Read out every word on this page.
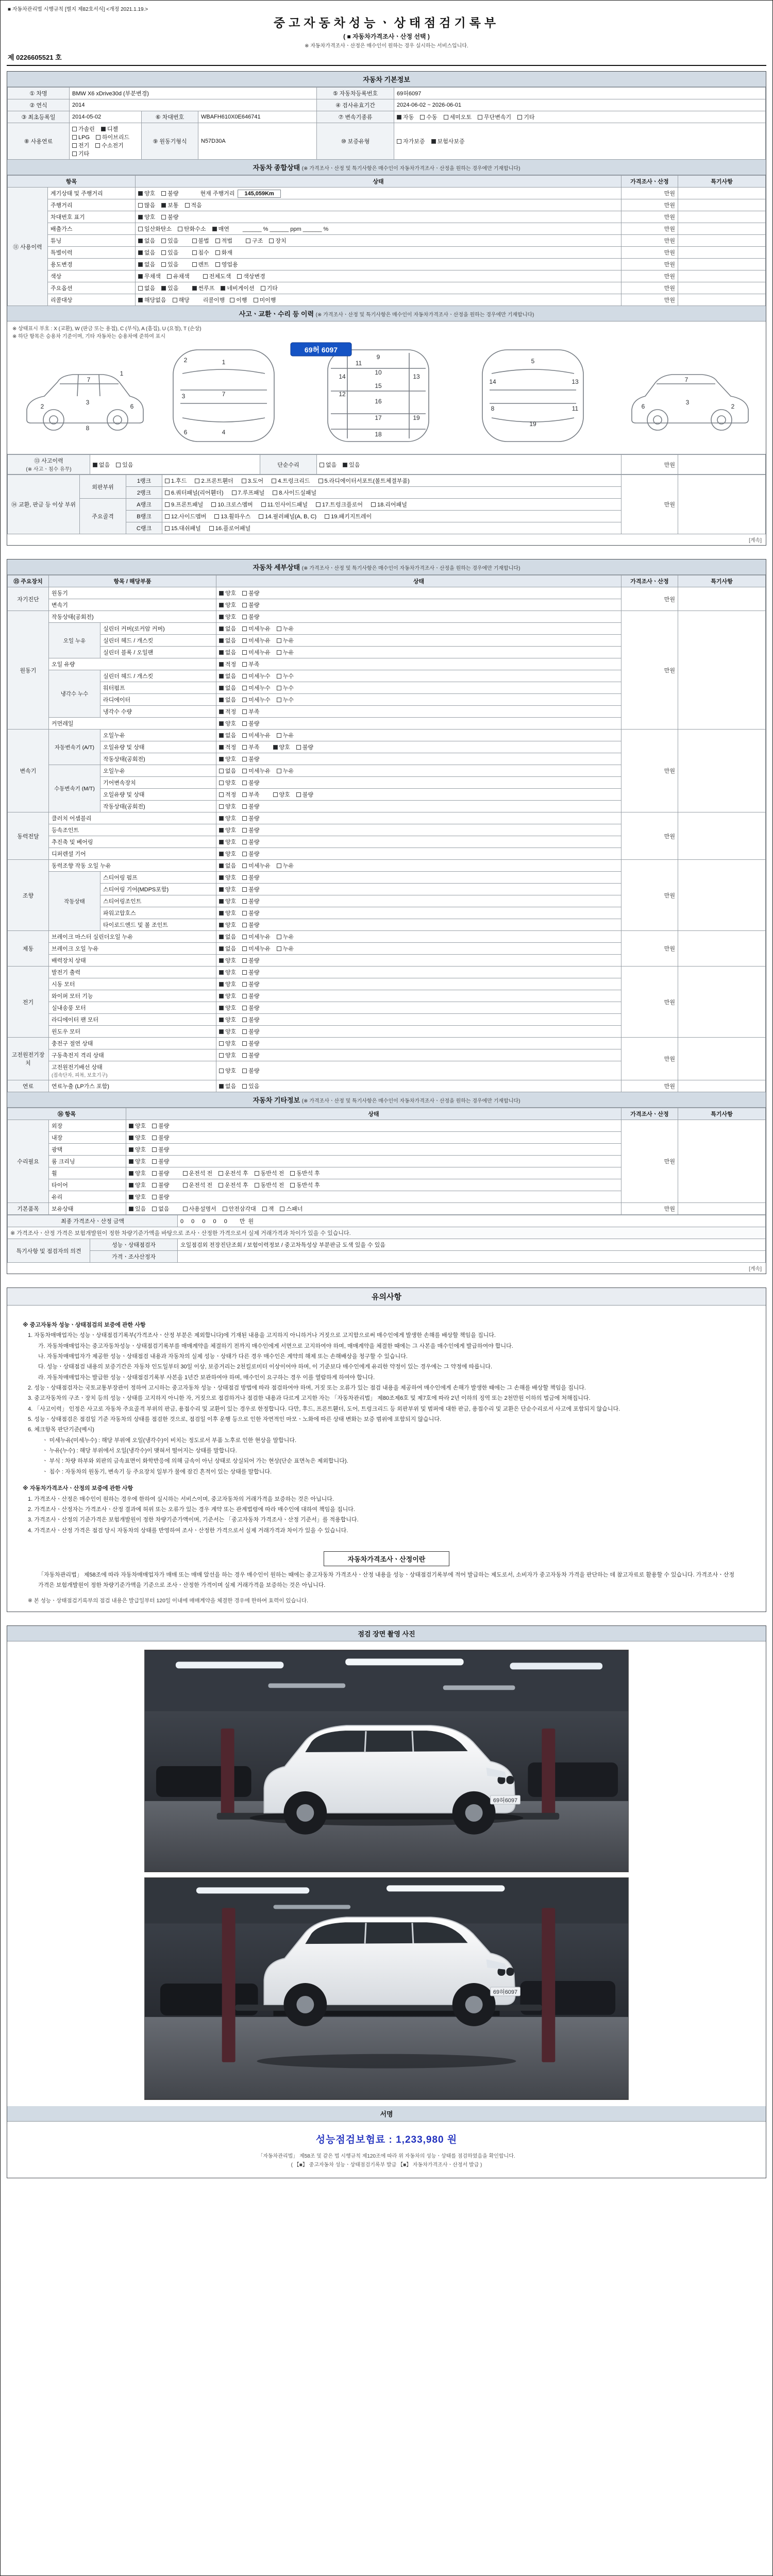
■ 자동차관리법 시행규칙 [별지 제82호서식] <개정 2021.1.19.>
중고자동차성능ㆍ상태점검기록부
( ■ 자동차가격조사ㆍ산정 선택 )
※ 자동차가격조사ㆍ산정은 매수인이 원하는 경우 실시하는 서비스입니다.
제 0226605521 호
자동차 기본정보
① 차명	BMW X6 xDrive30d (부분변경)			⑤ 자동차등록번호	69허6097
② 연식	2014			④ 검사유효기간	2024-06-02 ~ 2026-06-01
③ 최초등록일	2014-05-02	⑥ 차대번호	WBAFH610X0E646741	⑦ 변속기종류	자동 수동 세미오토 무단변속기 기타
⑧ 사용연료	가솔린 디젤LPG 하이브리드전기 수소전기기타	⑨ 원동기형식	N57D30A	⑩ 보증유형	자가보증 보험사보증
자동차 종합상태 (※ 가격조사ㆍ산정 및 특기사항은 매수인이 자동차가격조사ㆍ산정을 원하는 경우에만 기재합니다)
항목		상태	가격조사ㆍ산정	특기사항
⑪ 사용이력	계기상태 및 주행거리	양호 불량 현재 주행거리 145,059Km	만원	
	주행거리	많음 보통 적음	만원	
	차대번호 표기	양호 불량	만원	
	배출가스	일산화탄소 탄화수소 매연 ______ % ______ ppm ______ %	만원	
	튜닝	없음 있음 불법 적법 구조 장치	만원	
	특별이력	없음 있음 침수 화재	만원	
	용도변경	없음 있음 렌트 영업용	만원	
	색상	무채색 유채색 전체도색 색상변경	만원	
	주요옵션	없음 있음 썬루프 네비게이션 기타	만원	
	리콜대상	해당없음 해당 리콜이행 이행 미이행	만원	
사고ㆍ교환ㆍ수리 등 이력 (※ 가격조사ㆍ산정 및 특기사항은 매수인이 자동차가격조사ㆍ산정을 원하는 경우에만 기재합니다)
※ 상태표시 부호 : X (교환), W (판금 또는 용접), C (부식), A (흠집), U (요철), T (손상)
※ 하단 항목은 승용차 기준이며, 기타 자동차는 승용차에 준하여 표시
1
2
3
6
7
8
1
7
4
2
3
6
9
10
11
12
13
14
15
16
17
18
19
5
14	13
8	11
19
2
3
6
7
69허 6097
⑬ 사고이력
(※ 사고ㆍ침수 유무)
	없음 있음	단순수리	없음 있음	만원	
⑭ 교환, 판금 등 이상 부위	외판부위	1랭크	1.후드 2.프론트휀더 3.도어 4.트렁크리드 5.라디에이터서포트(볼트체결부품)	만원	
		2랭크	6.쿼터패널(리어휀더) 7.루프패널 8.사이드실패널		
	주요골격	A랭크	9.프론트패널 10.크로스멤버 11.인사이드패널 17.트렁크플로어 18.리어패널		
		B랭크	12.사이드멤버 13.휠하우스 14.필러패널(A, B, C) 19.패키지트레이		
		C랭크	15.대쉬패널 16.플로어패널		
[계속]
자동차 세부상태 (※ 가격조사ㆍ산정 및 특기사항은 매수인이 자동차가격조사ㆍ산정을 원하는 경우에만 기재합니다)
⑮ 주요장치	항목 / 해당부품		상태	가격조사ㆍ산정	특기사항
자기진단	원동기		양호 불량	만원	
	변속기		양호 불량		
원동기	작동상태(공회전)		양호 불량	만원	
	오일 누유	실린더 커버(로커암 커버)	없음 미세누유 누유		
		실린더 헤드 / 개스킷	없음 미세누유 누유		
		실린더 블록 / 오일팬	없음 미세누유 누유		
	오일 유량		적정 부족		
	냉각수 누수	실린더 헤드 / 개스킷	없음 미세누수 누수		
		워터펌프	없음 미세누수 누수		
		라디에이터	없음 미세누수 누수		
		냉각수 수량	적정 부족		
	커먼레일		양호 불량		
변속기	자동변속기 (A/T)	오일누유	없음 미세누유 누유	만원	
		오일유량 및 상태	적정 부족 양호 불량		
		작동상태(공회전)	양호 불량		
	수동변속기 (M/T)	오일누유	없음 미세누유 누유		
		기어변속장치	양호 불량		
		오일유량 및 상태	적정 부족 양호 불량		
		작동상태(공회전)	양호 불량		
동력전달	클러치 어셈블리		양호 불량	만원	
	등속조인트		양호 불량		
	추진축 및 베어링		양호 불량		
	디퍼렌셜 기어		양호 불량		
조향	동력조향 작동 오일 누유		없음 미세누유 누유	만원	
	작동상태	스티어링 펌프	양호 불량		
		스티어링 기어(MDPS포함)	양호 불량		
		스티어링조인트	양호 불량		
		파워고압호스	양호 불량		
		타이로드엔드 및 볼 조인트	양호 불량		
제동	브레이크 마스터 실린더오일 누유		없음 미세누유 누유	만원	
	브레이크 오일 누유		없음 미세누유 누유		
	배력장치 상태		양호 불량		
전기	발전기 출력		양호 불량	만원	
	시동 모터		양호 불량		
	와이퍼 모터 기능		양호 불량		
	실내송풍 모터		양호 불량		
	라디에이터 팬 모터		양호 불량		
	윈도우 모터		양호 불량		
고전원전기장치	충전구 절연 상태		양호 불량	만원	
	구동축전지 격리 상태		양호 불량		
	고전원전기배선 상태
(접속단자, 피복, 보호기구)		양호 불량		
연료	연료누출 (LP가스 포함)		없음 있음	만원	
자동차 기타정보 (※ 가격조사ㆍ산정 및 특기사항은 매수인이 자동차가격조사ㆍ산정을 원하는 경우에만 기재합니다)
⑯ 항목		상태	가격조사ㆍ산정	특기사항
수리필요	외장	양호 불량	만원	
	내장	양호 불량		
	광택	양호 불량		
	룸 크리닝	양호 불량		
	휠	양호 불량 운전석 전 운전석 후 동반석 전 동반석 후		
	타이어	양호 불량 운전석 전 운전석 후 동반석 전 동반석 후		
	유리	양호 불량		
기본품목	보유상태	있음 없음 사용설명서 안전삼각대 잭 스패너	만원	
최종 가격조사ㆍ산정 금액		0 0 0 0 0  만원
※ 가격조사ㆍ산정 가격은 보험개발원이 정한 차량기준가액을 바탕으로 조사ㆍ산정한 가격으로서 실제 거래가격과 차이가 있을 수 있습니다.		
특기사항 및 점검자의 의견	성능ㆍ상태점검자	오일점검외 전장진단조회 / 보험이력정보 / 중고차특성상 부분판금 도색 있을 수 있음
	가격ㆍ조사산정자	
[계속]
유의사항

※ 중고자동차 성능ㆍ상태점검의 보증에 관한 사항

1. 자동차매매업자는 성능ㆍ상태점검기록부(가격조사ㆍ산정 부분은 제외합니다)에 기재된 내용을 고지하지 아니하거나 거짓으로 고지함으로써 매수인에게 발생한 손해를 배상할 책임을 집니다.

가. 자동차매매업자는 중고자동차성능ㆍ상태점검기록부를 매매계약을 체결하기 전까지 매수인에게 서면으로 고지하여야 하며, 매매계약을 체결한 때에는 그 사본을 매수인에게 발급하여야 합니다.

나. 자동차매매업자가 제공한 성능ㆍ상태점검 내용과 자동차의 실제 성능ㆍ상태가 다른 경우 매수인은 계약의 해제 또는 손해배상을 청구할 수 있습니다.

다. 성능ㆍ상태점검 내용의 보증기간은 자동차 인도일부터 30일 이상, 보증거리는 2천킬로미터 이상이어야 하며, 이 기준보다 매수인에게 유리한 약정이 있는 경우에는 그 약정에 따릅니다.

라. 자동차매매업자는 발급한 성능ㆍ상태점검기록부 사본을 1년간 보관하여야 하며, 매수인이 요구하는 경우 이를 열람하게 하여야 합니다.

2. 성능ㆍ상태점검자는 국토교통부장관이 정하여 고시하는 중고자동차 성능ㆍ상태점검 방법에 따라 점검하여야 하며, 거짓 또는 오류가 있는 점검 내용을 제공하여 매수인에게 손해가 발생한 때에는 그 손해를 배상할 책임을 집니다.

3. 중고자동차의 구조ㆍ장치 등의 성능ㆍ상태를 고지하지 아니한 자, 거짓으로 점검하거나 점검한 내용과 다르게 고지한 자는 「자동차관리법」 제80조제6호 및 제7호에 따라 2년 이하의 징역 또는 2천만원 이하의 벌금에 처해집니다.

4. 「사고이력」 인정은 사고로 자동차 주요골격 부위의 판금, 용접수리 및 교환이 있는 경우로 한정합니다. 다만, 후드, 프론트휀더, 도어, 트렁크리드 등 외판부위 및 범퍼에 대한 판금, 용접수리 및 교환은 단순수리로서 사고에 포함되지 않습니다.

5. 성능ㆍ상태점검은 점검일 기준 자동차의 상태를 점검한 것으로, 점검일 이후 운행 등으로 인한 자연적인 마모ㆍ노화에 따른 상태 변화는 보증 범위에 포함되지 않습니다.

6. 체크항목 판단기준(예시)

ㆍ 미세누유(미세누수) : 해당 부위에 오일(냉각수)이 비치는 정도로서 부품 노후로 인한 현상을 말합니다.

ㆍ 누유(누수) : 해당 부위에서 오일(냉각수)이 맺혀서 떨어지는 상태를 말합니다.

ㆍ 부식 : 차량 하부와 외판의 금속표면이 화학반응에 의해 금속이 아닌 상태로 상실되어 가는 현상(단순 표면녹은 제외합니다).

ㆍ 침수 : 자동차의 원동기, 변속기 등 주요장치 일부가 물에 잠긴 흔적이 있는 상태를 말합니다.

※ 자동차가격조사ㆍ산정의 보증에 관한 사항

1. 가격조사ㆍ산정은 매수인이 원하는 경우에 한하여 실시하는 서비스이며, 중고자동차의 거래가격을 보증하는 것은 아닙니다.

2. 가격조사ㆍ산정자는 가격조사ㆍ산정 결과에 허위 또는 오류가 있는 경우 계약 또는 관계법령에 따라 매수인에 대하여 책임을 집니다.

3. 가격조사ㆍ산정의 기준가격은 보험개발원이 정한 차량기준가액이며, 기준서는 「중고자동차 가격조사ㆍ산정 기준서」를 적용합니다.

4. 가격조사ㆍ산정 가격은 점검 당시 자동차의 상태를 반영하여 조사ㆍ산정한 가격으로서 실제 거래가격과 차이가 있을 수 있습니다.

자동차가격조사ㆍ산정이란

「자동차관리법」 제58조에 따라 자동차매매업자가 매매 또는 매매 알선을 하는 경우 매수인이 원하는 때에는 중고자동차 가격조사ㆍ산정 내용을 성능ㆍ상태점검기록부에 적어 발급하는 제도로서, 소비자가 중고자동차 가격을 판단하는 데 참고자료로 활용할 수 있습니다. 가격조사ㆍ산정 가격은 보험개발원이 정한 차량기준가액을 기준으로 조사ㆍ산정한 가격이며 실제 거래가격을 보증하는 것은 아닙니다.

※ 본 성능ㆍ상태점검기록부의 점검 내용은 발급일부터 120일 이내에 매매계약을 체결한 경우에 한하여 효력이 있습니다.

점검 장면 촬영 사진
69허6097
69허6097
서명
성능점검보험료 : 1,233,980 원
「자동차관리법」 제58조 및 같은 법 시행규칙 제120조에 따라 위 자동차의 성능ㆍ상태를 점검하였음을 확인합니다.
( 【■】 중고자동차 성능ㆍ상태점검기록부 발급 【■】 자동차가격조사ㆍ산정서 발급 )
